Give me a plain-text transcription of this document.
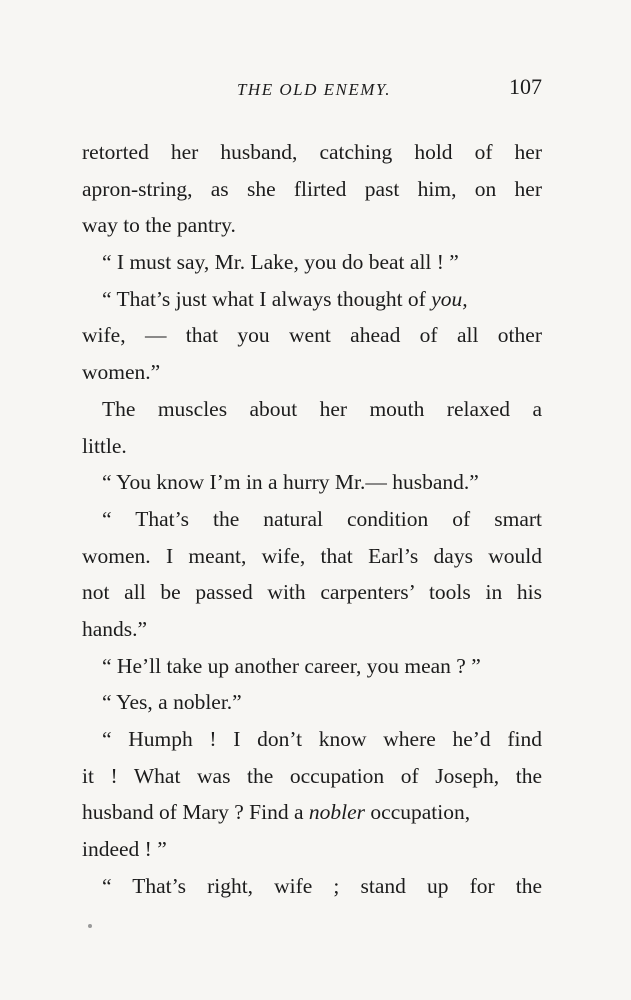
THE OLD ENEMY.	107
retorted her husband, catching hold of her
apron-string, as she flirted past him, on her
way to the pantry.
“ I must say, Mr. Lake, you do beat all ! ”
“ That’s just what I always thought of you,
wife, — that you went ahead of all other
women.”
The muscles about her mouth relaxed a
little.
“ You know I’m in a hurry Mr.— husband.”
“ That’s the natural condition of smart
women. I meant, wife, that Earl’s days would
not all be passed with carpenters’ tools in his
hands.”
“ He’ll take up another career, you mean ? ”
“ Yes, a nobler.”
“ Humph ! I don’t know where he’d find
it ! What was the occupation of Joseph, the
husband of Mary ? Find a nobler occupation,
indeed ! ”
“ That’s right, wife ; stand up for the
